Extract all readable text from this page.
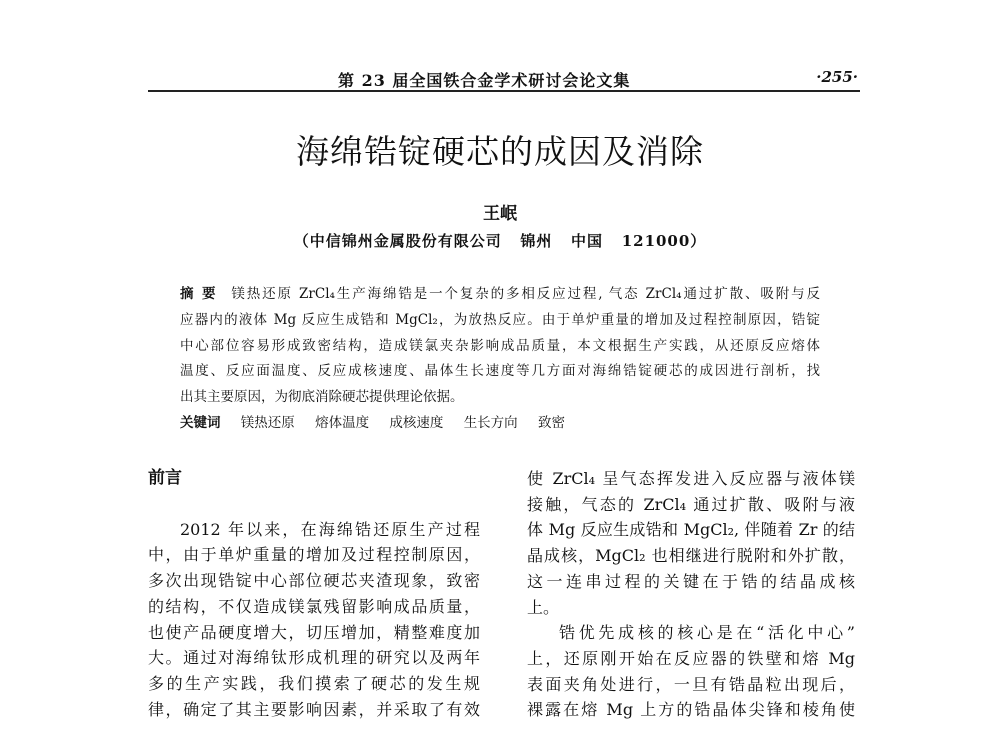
第 23 届全国铁合金学术研讨会论文集	·255·
海绵锆锭硬芯的成因及消除
王岷
（中信锦州金属股份有限公司   锦州   中国   121000）
摘 要 镁热还原 ZrCl₄生产海绵锆是一个复杂的多相反应过程, 气态 ZrCl₄通过扩散、吸附与反
应器内的液体 Mg 反应生成锆和 MgCl₂，为放热反应。由于单炉重量的增加及过程控制原因，锆锭
中心部位容易形成致密结构，造成镁氯夹杂影响成品质量，本文根据生产实践，从还原反应熔体
温度、反应面温度、反应成核速度、晶体生长速度等几方面对海绵锆锭硬芯的成因进行剖析，找
出其主要原因，为彻底消除硬芯提供理论依据。
关键词 镁热还原 熔体温度 成核速度 生长方向 致密
前言
2012 年以来，在海绵锆还原生产过程
中，由于单炉重量的增加及过程控制原因，
多次出现锆锭中心部位硬芯夹渣现象，致密
的结构，不仅造成镁氯残留影响成品质量，
也使产品硬度增大，切压增加，精整难度加
大。通过对海绵钛形成机理的研究以及两年
多的生产实践，我们摸索了硬芯的发生规
律，确定了其主要影响因素，并采取了有效
使 ZrCl₄ 呈气态挥发进入反应器与液体镁
接触，气态的 ZrCl₄ 通过扩散、吸附与液
体 Mg 反应生成锆和 MgCl₂, 伴随着 Zr 的结
晶成核，MgCl₂ 也相继进行脱附和外扩散，
这一连串过程的关键在于锆的结晶成核
上。
锆优先成核的核心是在“活化中心”
上，还原刚开始在反应器的铁壁和熔 Mg
表面夹角处进行，一旦有锆晶粒出现后，
裸露在熔 Mg 上方的锆晶体尖锋和棱角使
